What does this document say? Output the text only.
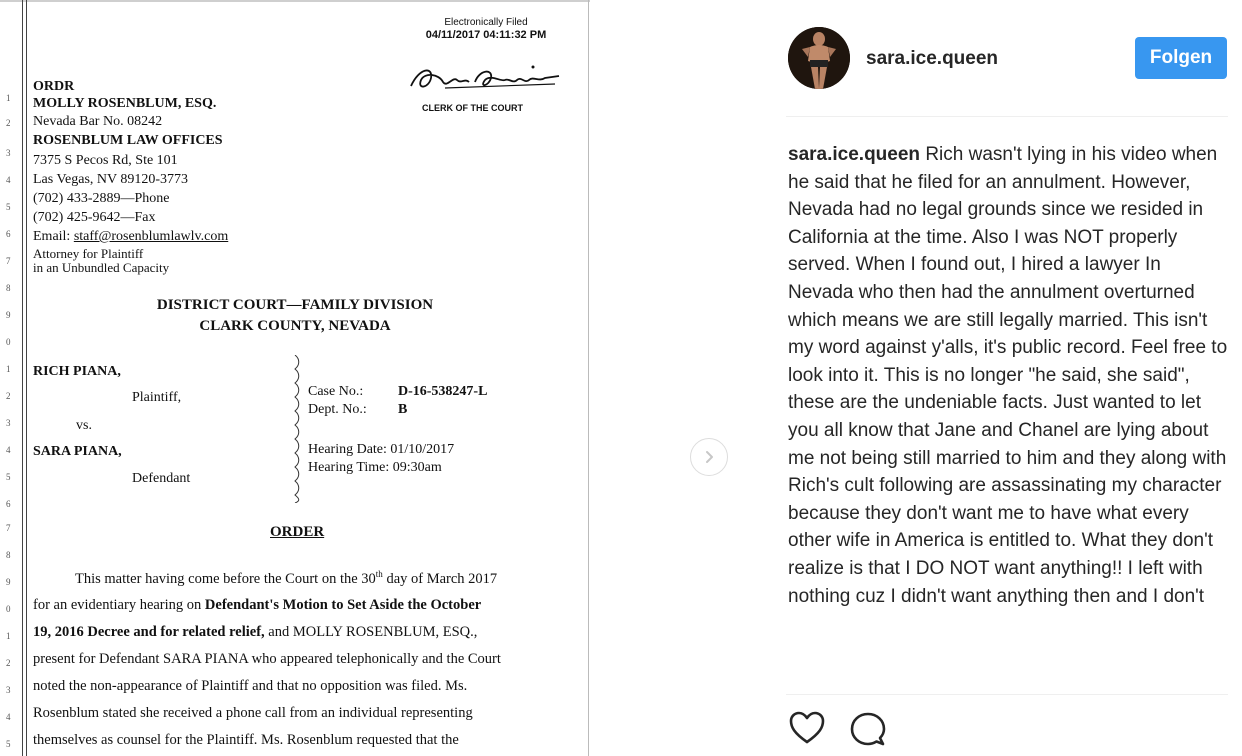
1
2
3
4
5
6
7
8
9
0
1
2
3
4
5
6
7
8
9
0
1
2
3
4
5
Electronically Filed
04/11/2017 04:11:32 PM
CLERK OF THE COURT
ORDR
MOLLY ROSENBLUM, ESQ.
Nevada Bar No. 08242
ROSENBLUM LAW OFFICES
7375 S Pecos Rd, Ste 101
Las Vegas, NV 89120-3773
(702) 433-2889—Phone
(702) 425-9642—Fax
Email: staff@rosenblumlawlv.com
Attorney for Plaintiff
in an Unbundled Capacity
DISTRICT COURT—FAMILY DIVISION
CLARK COUNTY, NEVADA
RICH PIANA,
Plaintiff,
vs.
SARA PIANA,
Defendant
Case No.: D-16-538247-L
Dept. No.: B
Hearing Date: 01/10/2017
Hearing Time: 09:30am
ORDER
This matter having come before the Court on the 30th day of March 2017
for an evidentiary hearing on Defendant's Motion to Set Aside the October
19, 2016 Decree and for related relief, and MOLLY ROSENBLUM, ESQ.,
present for Defendant SARA PIANA who appeared telephonically and the Court
noted the non-appearance of Plaintiff and that no opposition was filed. Ms.
Rosenblum stated she received a phone call from an individual representing
themselves as counsel for the Plaintiff. Ms. Rosenblum requested that the
sara.ice.queen	Folgen
sara.ice.queen Rich wasn't lying in his video when he said that he filed for an annulment. However, Nevada had no legal grounds since we resided in California at the time. Also I was NOT properly served. When I found out, I hired a lawyer In Nevada who then had the annulment overturned which means we are still legally married. This isn't my word against y'alls, it's public record. Feel free to look into it. This is no longer "he said, she said", these are the undeniable facts. Just wanted to let you all know that Jane and Chanel are lying about me not being still married to him and they along with Rich's cult following are assassinating my character because they don't want me to have what every other wife in America is entitled to. What they don't realize is that I DO NOT want anything!! I left with nothing cuz I didn't want anything then and I don't
